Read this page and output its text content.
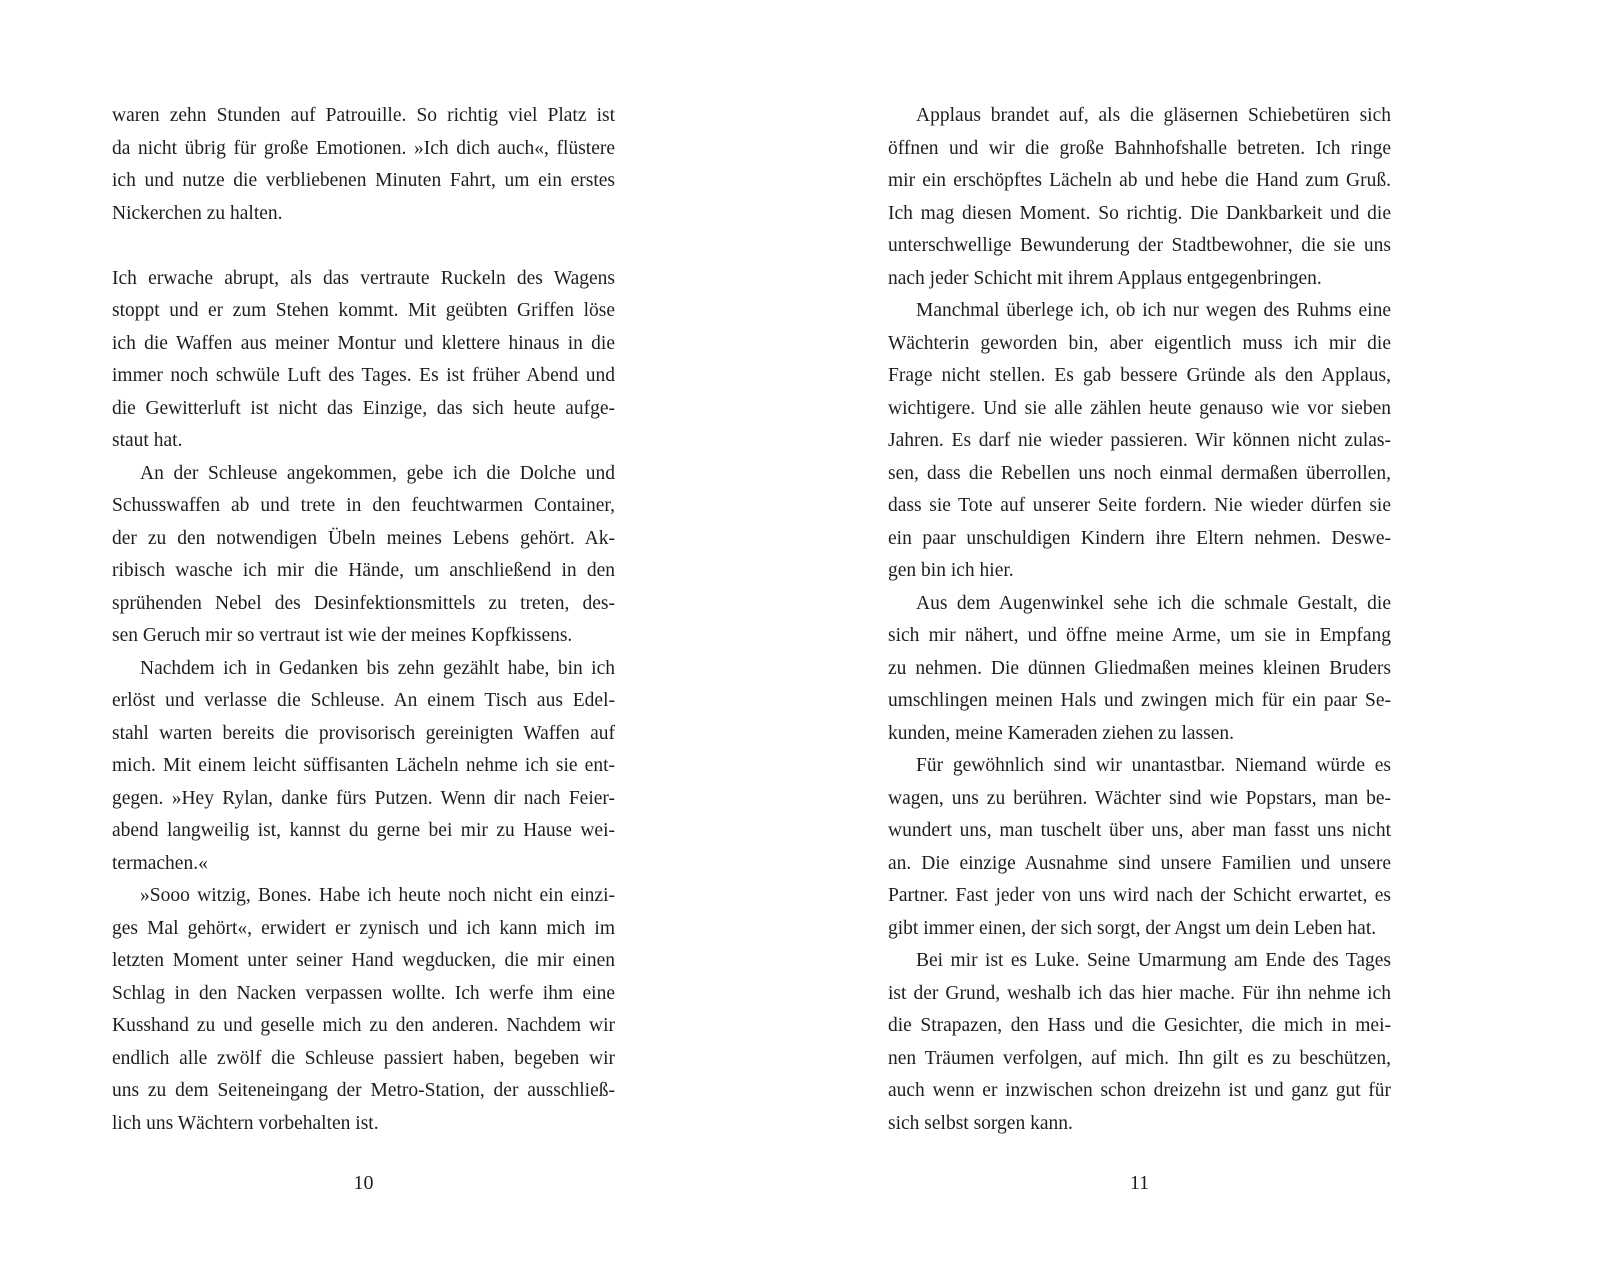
waren zehn Stunden auf Patrouille. So richtig viel Platz ist
da nicht übrig für große Emotionen. »Ich dich auch«, flüstere
ich und nutze die verbliebenen Minuten Fahrt, um ein erstes
Nickerchen zu halten.
Ich erwache abrupt, als das vertraute Ruckeln des Wagens
stoppt und er zum Stehen kommt. Mit geübten Griffen löse
ich die Waffen aus meiner Montur und klettere hinaus in die
immer noch schwüle Luft des Tages. Es ist früher Abend und
die Gewitterluft ist nicht das Einzige, das sich heute aufge-
staut hat.
An der Schleuse angekommen, gebe ich die Dolche und
Schusswaffen ab und trete in den feuchtwarmen Container,
der zu den notwendigen Übeln meines Lebens gehört. Ak-
ribisch wasche ich mir die Hände, um anschließend in den
sprühenden Nebel des Desinfektionsmittels zu treten, des-
sen Geruch mir so vertraut ist wie der meines Kopfkissens.
Nachdem ich in Gedanken bis zehn gezählt habe, bin ich
erlöst und verlasse die Schleuse. An einem Tisch aus Edel-
stahl warten bereits die provisorisch gereinigten Waffen auf
mich. Mit einem leicht süffisanten Lächeln nehme ich sie ent-
gegen. »Hey Rylan, danke fürs Putzen. Wenn dir nach Feier-
abend langweilig ist, kannst du gerne bei mir zu Hause wei-
termachen.«
»Sooo witzig, Bones. Habe ich heute noch nicht ein einzi-
ges Mal gehört«, erwidert er zynisch und ich kann mich im
letzten Moment unter seiner Hand wegducken, die mir einen
Schlag in den Nacken verpassen wollte. Ich werfe ihm eine
Kusshand zu und geselle mich zu den anderen. Nachdem wir
endlich alle zwölf die Schleuse passiert haben, begeben wir
uns zu dem Seiteneingang der Metro-Station, der ausschließ-
lich uns Wächtern vorbehalten ist.
10
Applaus brandet auf, als die gläsernen Schiebetüren sich
öffnen und wir die große Bahnhofshalle betreten. Ich ringe
mir ein erschöpftes Lächeln ab und hebe die Hand zum Gruß.
Ich mag diesen Moment. So richtig. Die Dankbarkeit und die
unterschwellige Bewunderung der Stadtbewohner, die sie uns
nach jeder Schicht mit ihrem Applaus entgegenbringen.
Manchmal überlege ich, ob ich nur wegen des Ruhms eine
Wächterin geworden bin, aber eigentlich muss ich mir die
Frage nicht stellen. Es gab bessere Gründe als den Applaus,
wichtigere. Und sie alle zählen heute genauso wie vor sieben
Jahren. Es darf nie wieder passieren. Wir können nicht zulas-
sen, dass die Rebellen uns noch einmal dermaßen überrollen,
dass sie Tote auf unserer Seite fordern. Nie wieder dürfen sie
ein paar unschuldigen Kindern ihre Eltern nehmen. Deswe-
gen bin ich hier.
Aus dem Augenwinkel sehe ich die schmale Gestalt, die
sich mir nähert, und öffne meine Arme, um sie in Empfang
zu nehmen. Die dünnen Gliedmaßen meines kleinen Bruders
umschlingen meinen Hals und zwingen mich für ein paar Se-
kunden, meine Kameraden ziehen zu lassen.
Für gewöhnlich sind wir unantastbar. Niemand würde es
wagen, uns zu berühren. Wächter sind wie Popstars, man be-
wundert uns, man tuschelt über uns, aber man fasst uns nicht
an. Die einzige Ausnahme sind unsere Familien und unsere
Partner. Fast jeder von uns wird nach der Schicht erwartet, es
gibt immer einen, der sich sorgt, der Angst um dein Leben hat.
Bei mir ist es Luke. Seine Umarmung am Ende des Tages
ist der Grund, weshalb ich das hier mache. Für ihn nehme ich
die Strapazen, den Hass und die Gesichter, die mich in mei-
nen Träumen verfolgen, auf mich. Ihn gilt es zu beschützen,
auch wenn er inzwischen schon dreizehn ist und ganz gut für
sich selbst sorgen kann.
11
